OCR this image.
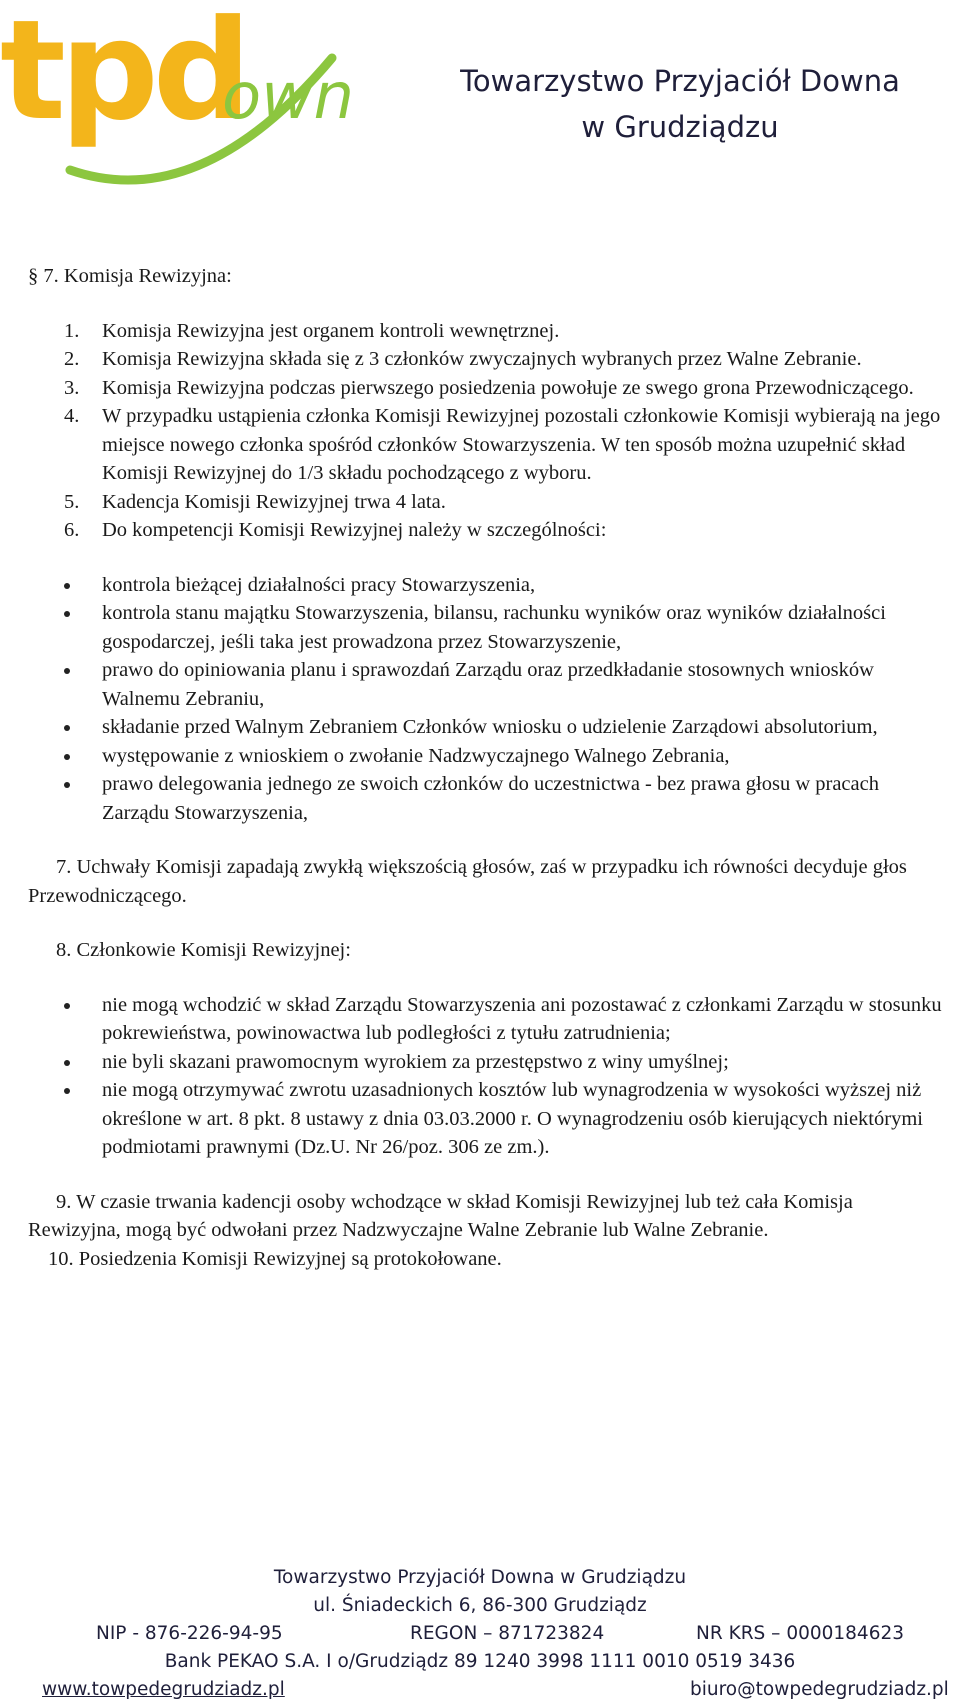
tpd
own	Towarzystwo Przyjaciół Downa
w Grudziądzu

§ 7. Komisja Rewizyjna:

1. Komisja Rewizyjna jest organem kontroli wewnętrznej.
2. Komisja Rewizyjna składa się z 3 członków zwyczajnych wybranych przez Walne Zebranie.
3. Komisja Rewizyjna podczas pierwszego posiedzenia powołuje ze swego grona Przewodniczącego.
4. W przypadku ustąpienia członka Komisji Rewizyjnej pozostali członkowie Komisji wybierają na jego miejsce nowego członka spośród członków Stowarzyszenia. W ten sposób można uzupełnić skład Komisji Rewizyjnej do 1/3 składu pochodzącego z wyboru.
5. Kadencja Komisji Rewizyjnej trwa 4 lata.
6. Do kompetencji Komisji Rewizyjnej należy w szczególności:
kontrola bieżącej działalności pracy Stowarzyszenia,
kontrola stanu majątku Stowarzyszenia, bilansu, rachunku wyników oraz wyników działalności gospodarczej, jeśli taka jest prowadzona przez Stowarzyszenie,
prawo do opiniowania planu i sprawozdań Zarządu oraz przedkładanie stosownych wniosków Walnemu Zebraniu,
składanie przed Walnym Zebraniem Członków wniosku o udzielenie Zarządowi absolutorium,
występowanie z wnioskiem o zwołanie Nadzwyczajnego Walnego Zebrania,
prawo delegowania jednego ze swoich członków do uczestnictwa - bez prawa głosu w pracach Zarządu Stowarzyszenia,

7. Uchwały Komisji zapadają zwykłą większością głosów, zaś w przypadku ich równości decyduje głos Przewodniczącego.

8. Członkowie Komisji Rewizyjnej:

nie mogą wchodzić w skład Zarządu Stowarzyszenia ani pozostawać z członkami Zarządu w stosunku pokrewieństwa, powinowactwa lub podległości z tytułu zatrudnienia;
nie byli skazani prawomocnym wyrokiem za przestępstwo z winy umyślnej;
nie mogą otrzymywać zwrotu uzasadnionych kosztów lub wynagrodzenia w wysokości wyższej niż określone w art. 8 pkt. 8 ustawy z dnia 03.03.2000 r. O wynagrodzeniu osób kierujących niektórymi podmiotami prawnymi (Dz.U. Nr 26/poz. 306 ze zm.).

9. W czasie trwania kadencji osoby wchodzące w skład Komisji Rewizyjnej lub też cała Komisja Rewizyjna, mogą być odwołani przez Nadzwyczajne Walne Zebranie lub Walne Zebranie.

10. Posiedzenia Komisji Rewizyjnej są protokołowane.

Towarzystwo Przyjaciół Downa w Grudziądzu
ul. Śniadeckich 6, 86-300 Grudziądz
NIP - 876-226-94-95	REGON – 871723824	NR KRS – 0000184623
Bank PEKAO S.A. I o/Grudziądz 89 1240 3998 1111 0010 0519 3436
www.towpedegrudziadz.pl	biuro@towpedegrudziadz.pl
